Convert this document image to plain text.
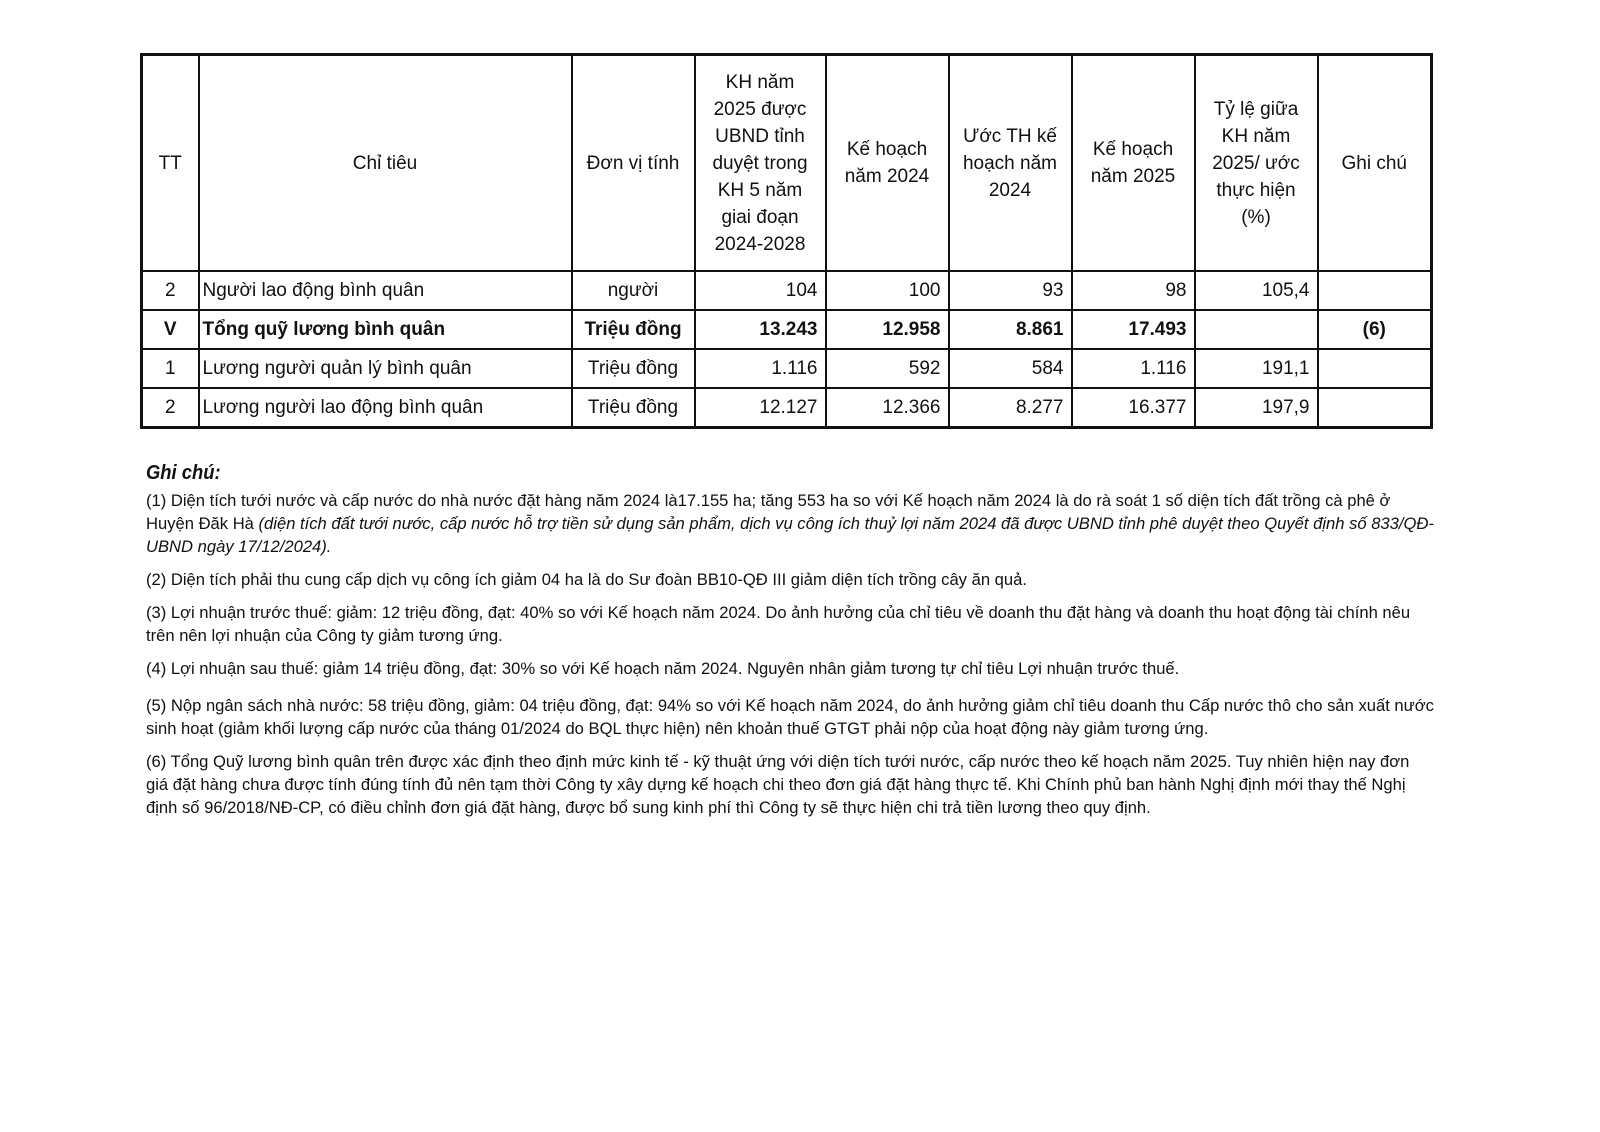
TT	Chỉ tiêu	Đơn vị tính	KH năm 2025 được UBND tỉnh duyệt trong KH 5 năm giai đoạn 2024-2028	Kế hoạch năm 2024	Ước TH kế hoạch năm 2024	Kế hoạch năm 2025	Tỷ lệ giữa KH năm 2025/ ước thực hiện (%)	Ghi chú
2	Người lao động bình quân	người	104	100	93	98	105,4	
V	Tổng quỹ lương bình quân	Triệu đồng	13.243	12.958	8.861	17.493		(6)
1	Lương người quản lý bình quân	Triệu đồng	1.116	592	584	1.116	191,1	
2	Lương người lao động bình quân	Triệu đồng	12.127	12.366	8.277	16.377	197,9	
Ghi chú:
(1) Diện tích tưới nước và cấp nước do nhà nước đặt hàng năm 2024 là17.155 ha; tăng 553 ha so với Kế hoạch năm 2024 là do rà soát 1 số diện tích đất trồng cà phê ở Huyện Đăk Hà (diện tích đất tưới nước, cấp nước hỗ trợ tiền sử dụng sản phẩm, dịch vụ công ích thuỷ lợi năm 2024 đã được UBND tỉnh phê duyệt theo Quyết định số 833/QĐ-UBND ngày 17/12/2024).
(2) Diện tích phải thu cung cấp dịch vụ công ích giảm 04 ha là do Sư đoàn BB10-QĐ III giảm diện tích trồng cây ăn quả.
(3) Lợi nhuận trước thuế: giảm: 12 triệu đồng, đạt: 40% so với Kế hoạch năm 2024. Do ảnh hưởng của chỉ tiêu về doanh thu đặt hàng và doanh thu hoạt động tài chính nêu trên nên lợi nhuận của Công ty giảm tương ứng.
(4) Lợi nhuận sau thuế: giảm 14 triệu đồng, đạt: 30% so với Kế hoạch năm 2024. Nguyên nhân giảm tương tự chỉ tiêu Lợi nhuận trước thuế.
(5) Nộp ngân sách nhà nước: 58 triệu đồng, giảm: 04 triệu đồng, đạt: 94% so với Kế hoạch năm 2024, do ảnh hưởng giảm chỉ tiêu doanh thu Cấp nước thô cho sản xuất nước sinh hoạt (giảm khối lượng cấp nước của tháng 01/2024 do BQL thực hiện) nên khoản thuế GTGT phải nộp của hoạt động này giảm tương ứng.
(6) Tổng Quỹ lương bình quân trên được xác định theo định mức kinh tế - kỹ thuật ứng với diện tích tưới nước, cấp nước theo kế hoạch năm 2025. Tuy nhiên hiện nay đơn giá đặt hàng chưa được tính đúng tính đủ nên tạm thời Công ty xây dựng kế hoạch chi theo đơn giá đặt hàng thực tế. Khi Chính phủ ban hành Nghị định mới thay thế Nghị định số 96/2018/NĐ-CP, có điều chỉnh đơn giá đặt hàng, được bổ sung kinh phí thì Công ty sẽ thực hiện chi trả tiền lương theo quy định.
